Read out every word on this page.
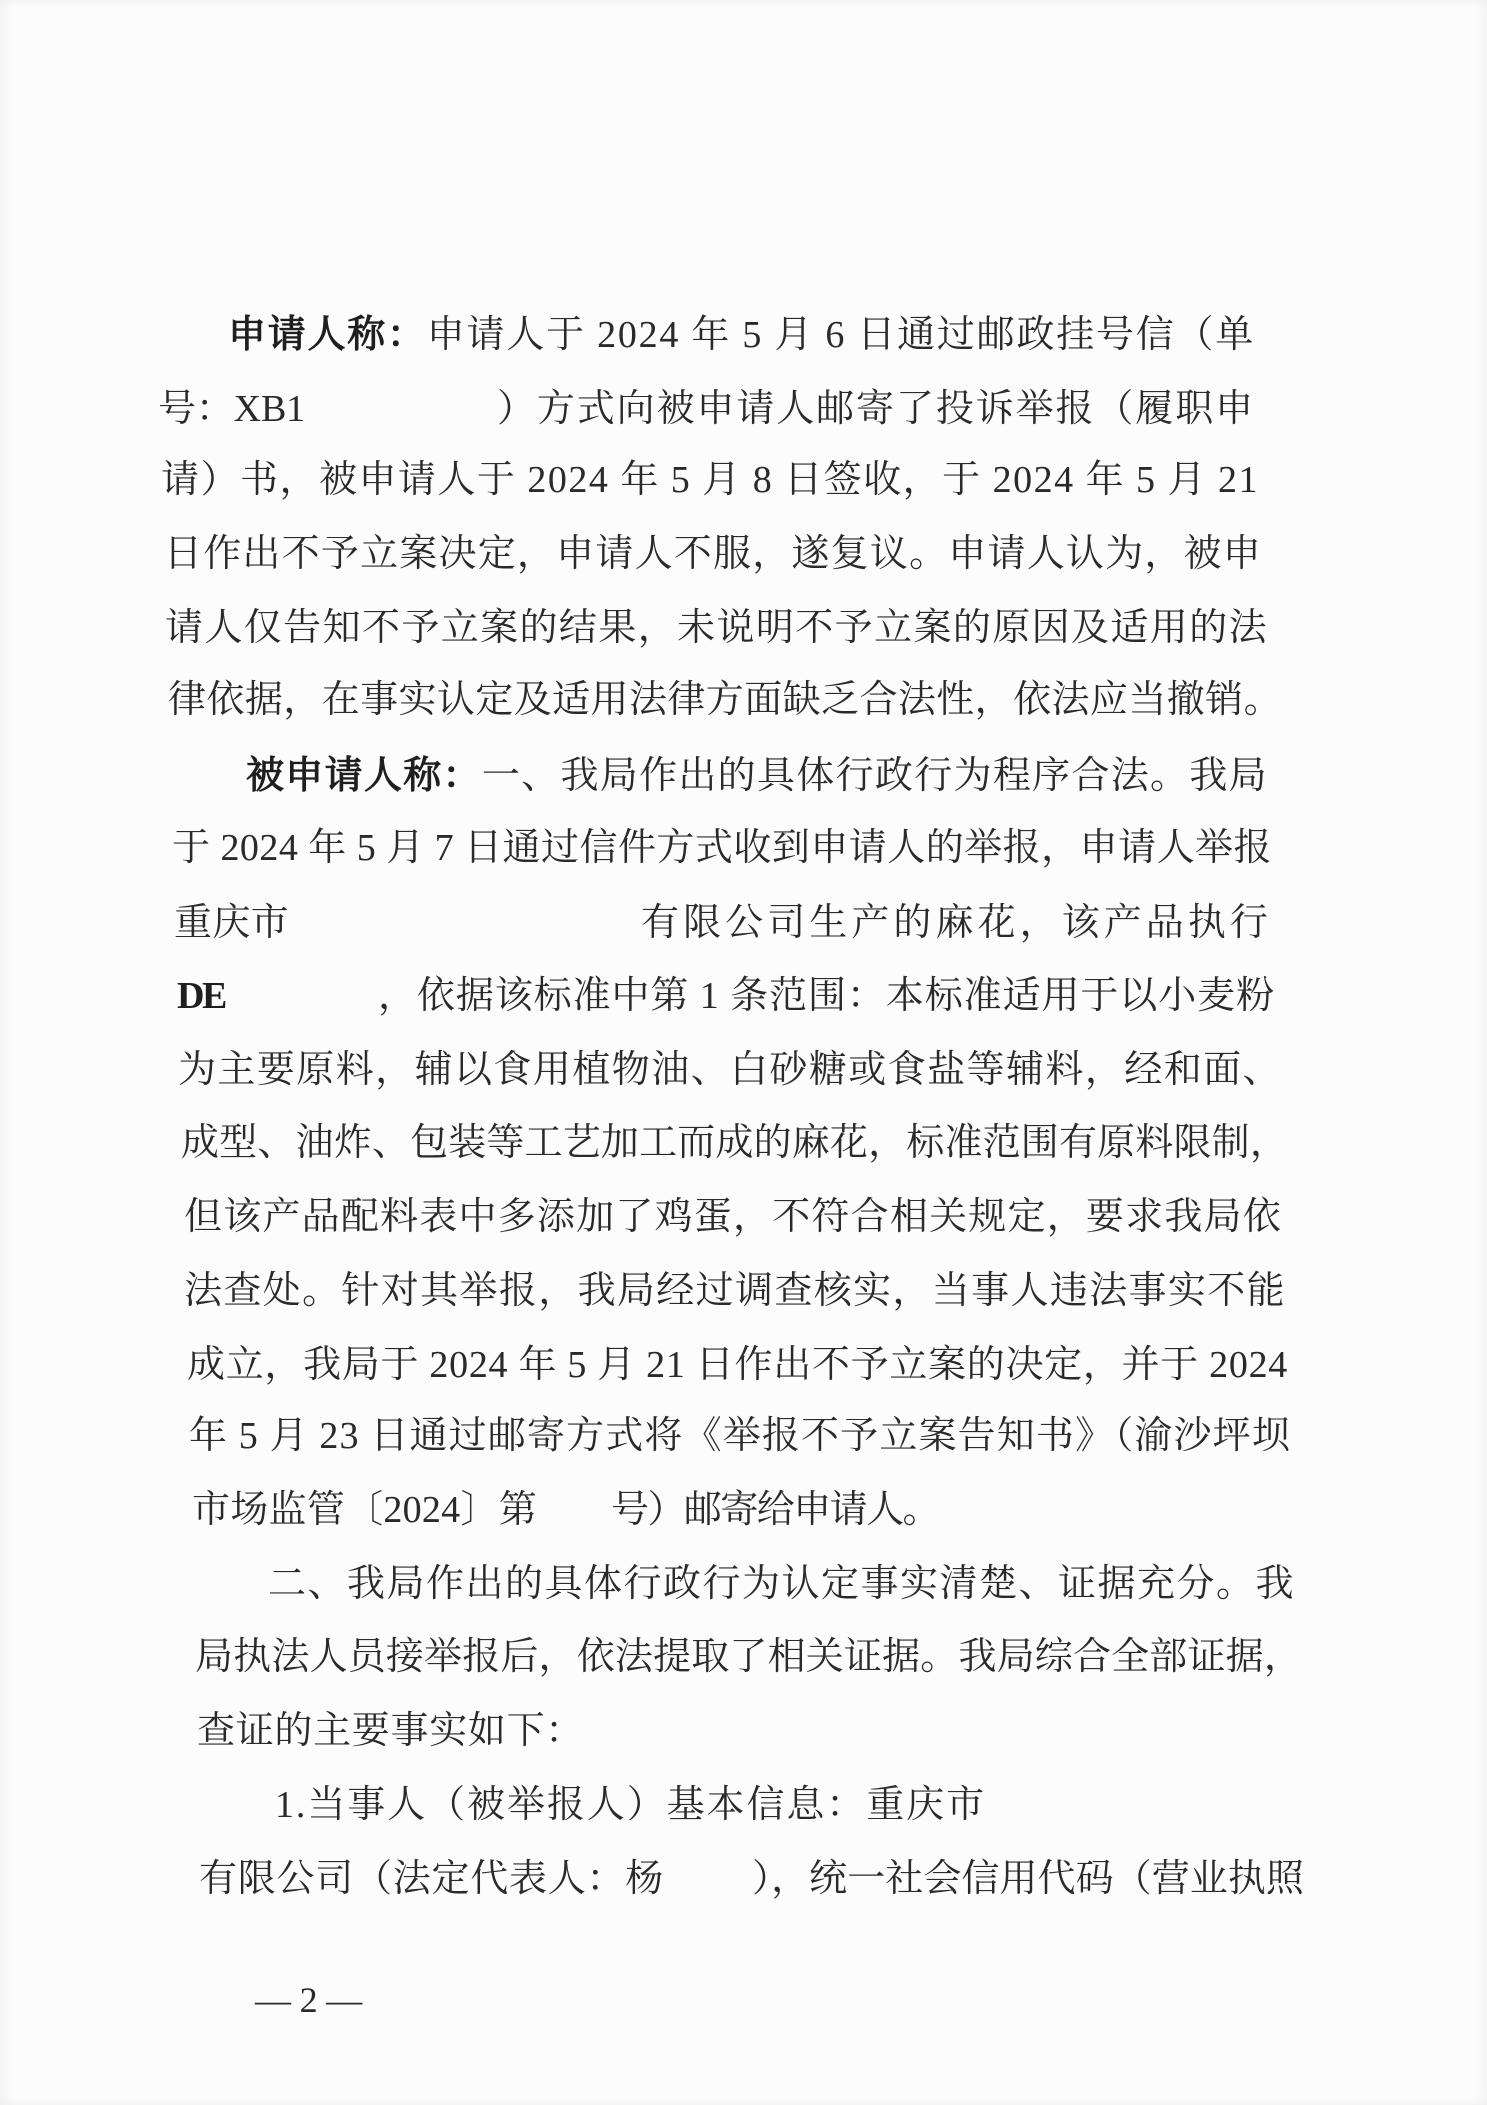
申请人称：申请人于 2024 年 5 月 6 日通过邮政挂号信（单
号：XB1	）方式向被申请人邮寄了投诉举报（履职申
请）书，被申请人于 2024 年 5 月 8 日签收，于 2024 年 5 月 21
日作出不予立案决定，申请人不服，遂复议。申请人认为，被申
请人仅告知不予立案的结果，未说明不予立案的原因及适用的法
律依据，在事实认定及适用法律方面缺乏合法性，依法应当撤销。
被申请人称：一、我局作出的具体行政行为程序合法。我局
于 2024 年 5 月 7 日通过信件方式收到申请人的举报，申请人举报
重庆市	有限公司生产的麻花，该产品执行
DE	，依据该标准中第 1 条范围：本标准适用于以小麦粉
为主要原料，辅以食用植物油、白砂糖或食盐等辅料，经和面、
成型、油炸、包装等工艺加工而成的麻花，标准范围有原料限制，
但该产品配料表中多添加了鸡蛋，不符合相关规定，要求我局依
法查处。针对其举报，我局经过调查核实，当事人违法事实不能
成立，我局于 2024 年 5 月 21 日作出不予立案的决定，并于 2024
年 5 月 23 日通过邮寄方式将《举报不予立案告知书》（渝沙坪坝
市场监管〔2024〕第 号）邮寄给申请人。
二、我局作出的具体行政行为认定事实清楚、证据充分。我
局执法人员接举报后，依法提取了相关证据。我局综合全部证据，
查证的主要事实如下：
1.当事人（被举报人）基本信息：重庆市
有限公司（法定代表人：杨 ），统一社会信用代码（营业执照
— 2 —
